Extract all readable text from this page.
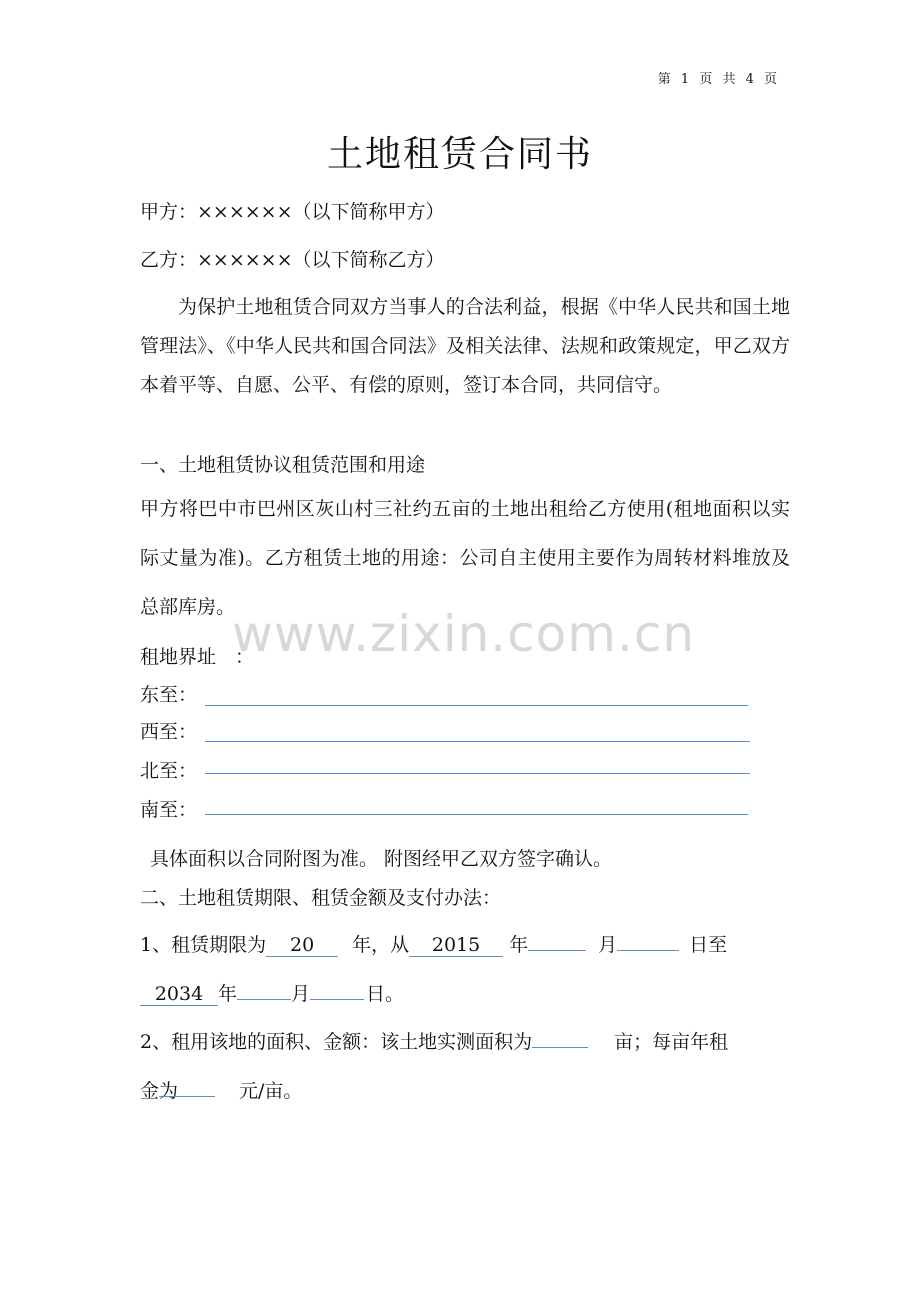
第 1 页 共 4 页
土地租赁合同书
甲方：××××××（以下简称甲方）
乙方：××××××（以下简称乙方）
为保护土地租赁合同双方当事人的合法利益，根据《中华人民共和国土地管理法》、《中华人民共和国合同法》及相关法律、法规和政策规定，甲乙双方本着平等、自愿、公平、有偿的原则，签订本合同，共同信守。
一、土地租赁协议租赁范围和用途
甲方将巴中市巴州区灰山村三社约五亩的土地出租给乙方使用(租地面积以实际丈量为准)。乙方租赁土地的用途：公司自主使用主要作为周转材料堆放及总部库房。
租地界址　：
东至：
西至：
北至：
南至：
具体面积以合同附图为准。 附图经甲乙双方签字确认。
二、土地租赁期限、租赁金额及支付办法：
1、租赁期限为 20 年，从 2015 年	月	日至
2034 年	月	日。
2、租用该地的面积、金额：该土地实测面积为	亩；每亩年租
金为	元/亩。
www.zixin.com.cn
